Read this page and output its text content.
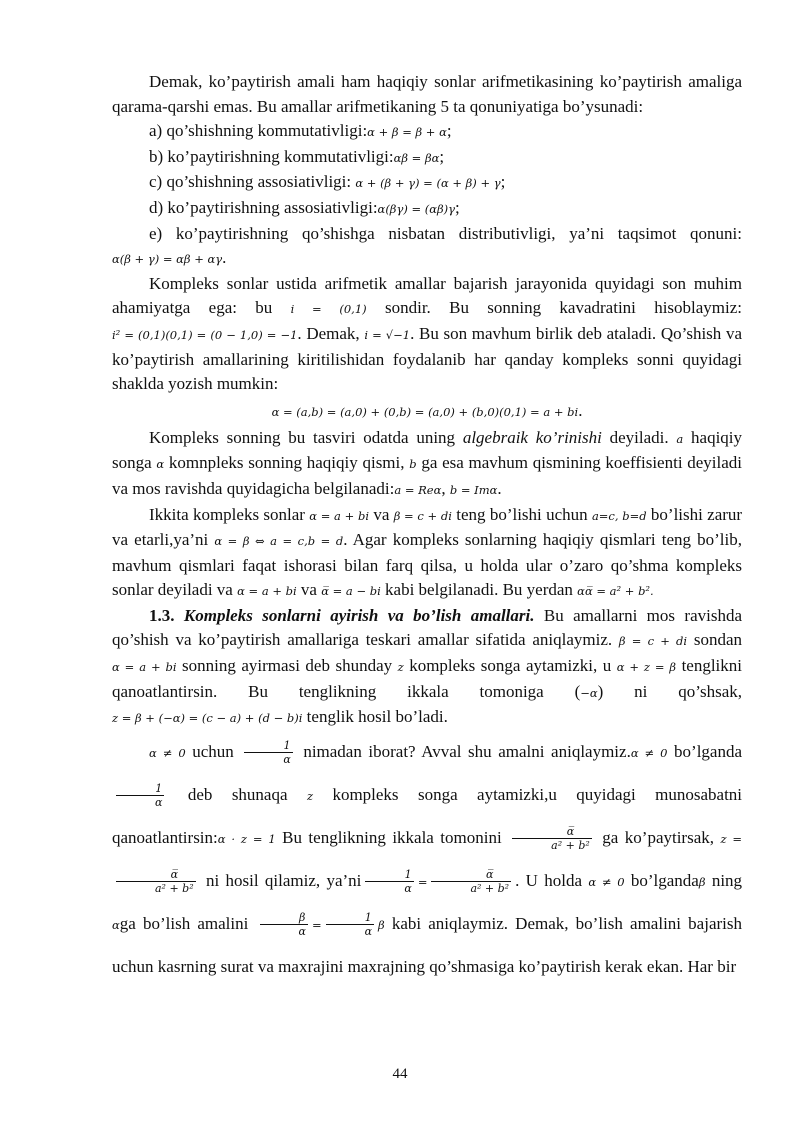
Demak, ko’paytirish amali ham haqiqiy sonlar arifmetikasining ko’paytirish amaliga qarama-qarshi emas. Bu amallar arifmetikaning 5 ta qonuniyatiga bo’ysunadi:

a) qo’shishning kommutativligi:α + β = β + α;

b) ko’paytirishning kommutativligi:αβ = βα;

c) qo’shishning assosiativligi: α + (β + γ) = (α + β) + γ;

d) ko’paytirishning assosiativligi:α(βγ) = (αβ)γ;

e) ko’paytirishning qo’shishga nisbatan distributivligi, ya’ni taqsimot qonuni: α(β + γ) = αβ + αγ.

Kompleks sonlar ustida arifmetik amallar bajarish jarayonida quyidagi son muhim ahamiyatga ega: bu i = (0,1) sondir. Bu sonning kavadratini hisoblaymiz: i² = (0,1)(0,1) = (0 − 1,0) = −1. Demak, i = √−1. Bu son mavhum birlik deb ataladi. Qo’shish va ko’paytirish amallarining kiritilishidan foydalanib har qanday kompleks sonni quyidagi shakldа yozish mumkin:

α = (a,b) = (a,0) + (0,b) = (a,0) + (b,0)(0,1) = a + bi.

Kompleks sonning bu tasviri odatda uning algebraik ko’rinishi deyiladi. a haqiqiy songa α komnpleks sonning haqiqiy qismi, b ga esa mavhum qismining koeffisienti deyiladi va mos ravishda quyidagicha belgilanadi:a = Reα, b = Imα.

Ikkita kompleks sonlar α = a + bi va β = c + di teng bo’lishi uchun a=c, b=d bo’lishi zarur va etarli,ya’ni α = β ⇔ a = c,b = d. Agar kompleks sonlarning haqiqiy qismlari teng bo’lib, mavhum qismlari faqat ishorasi bilan farq qilsa, u holda ular o’zaro qo’shma kompleks sonlar deyiladi va α = a + bi va α̅ = a − bi kabi belgilanadi. Bu yerdan αα̅ = a² + b².

1.3. Kompleks sonlarni ayirish va bo’lish amallari. Bu amallarni mos ravishda qo’shish va ko’paytirish amallariga teskari amallar sifatida aniqlaymiz. β = c + di sondan α = a + bi sonning ayirmasi deb shunday z kompleks songa aytamizki, u α + z = β tenglikni qanoatlantirsin. Bu tenglikning ikkala tomoniga (−α) ni qo’shsak, z = β + (−α) = (c − a) + (d − b)i tenglik hosil bo’ladi.

α ≠ 0 uchun $\frac{1}{\alpha}$ nimadan iborat? Avval shu amalni aniqlaymiz.α ≠ 0 bo’lganda
$\frac{1}{\alpha}$ deb shunaqa z kompleks songa aytamizki,u quyidagi munosabatni qanoatlantirsin:α · z = 1 Bu tenglikning ikkala tomonini $\frac{\alpha̅}{\text{a² + b²}}$ ga ko’paytirsak, z =
$\frac{\alpha̅}{\text{a² + b²}}$ ni hosil qilamiz, ya’ni $\frac{1}{\alpha} = \frac{\alpha̅}{\text{a² + b²}}$ . U holda α ≠ 0 bo’lgandaβ ning αga bo’lish amalini $\frac{\beta}{\alpha} = \frac{1}{\alpha}$ β kabi aniqlaymiz. Demak, bo’lish amalini bajarish uchun kasrning surat va maxrajini maxrajning qo’shmasiga ko’paytirish kerak ekan. Har bir

44
